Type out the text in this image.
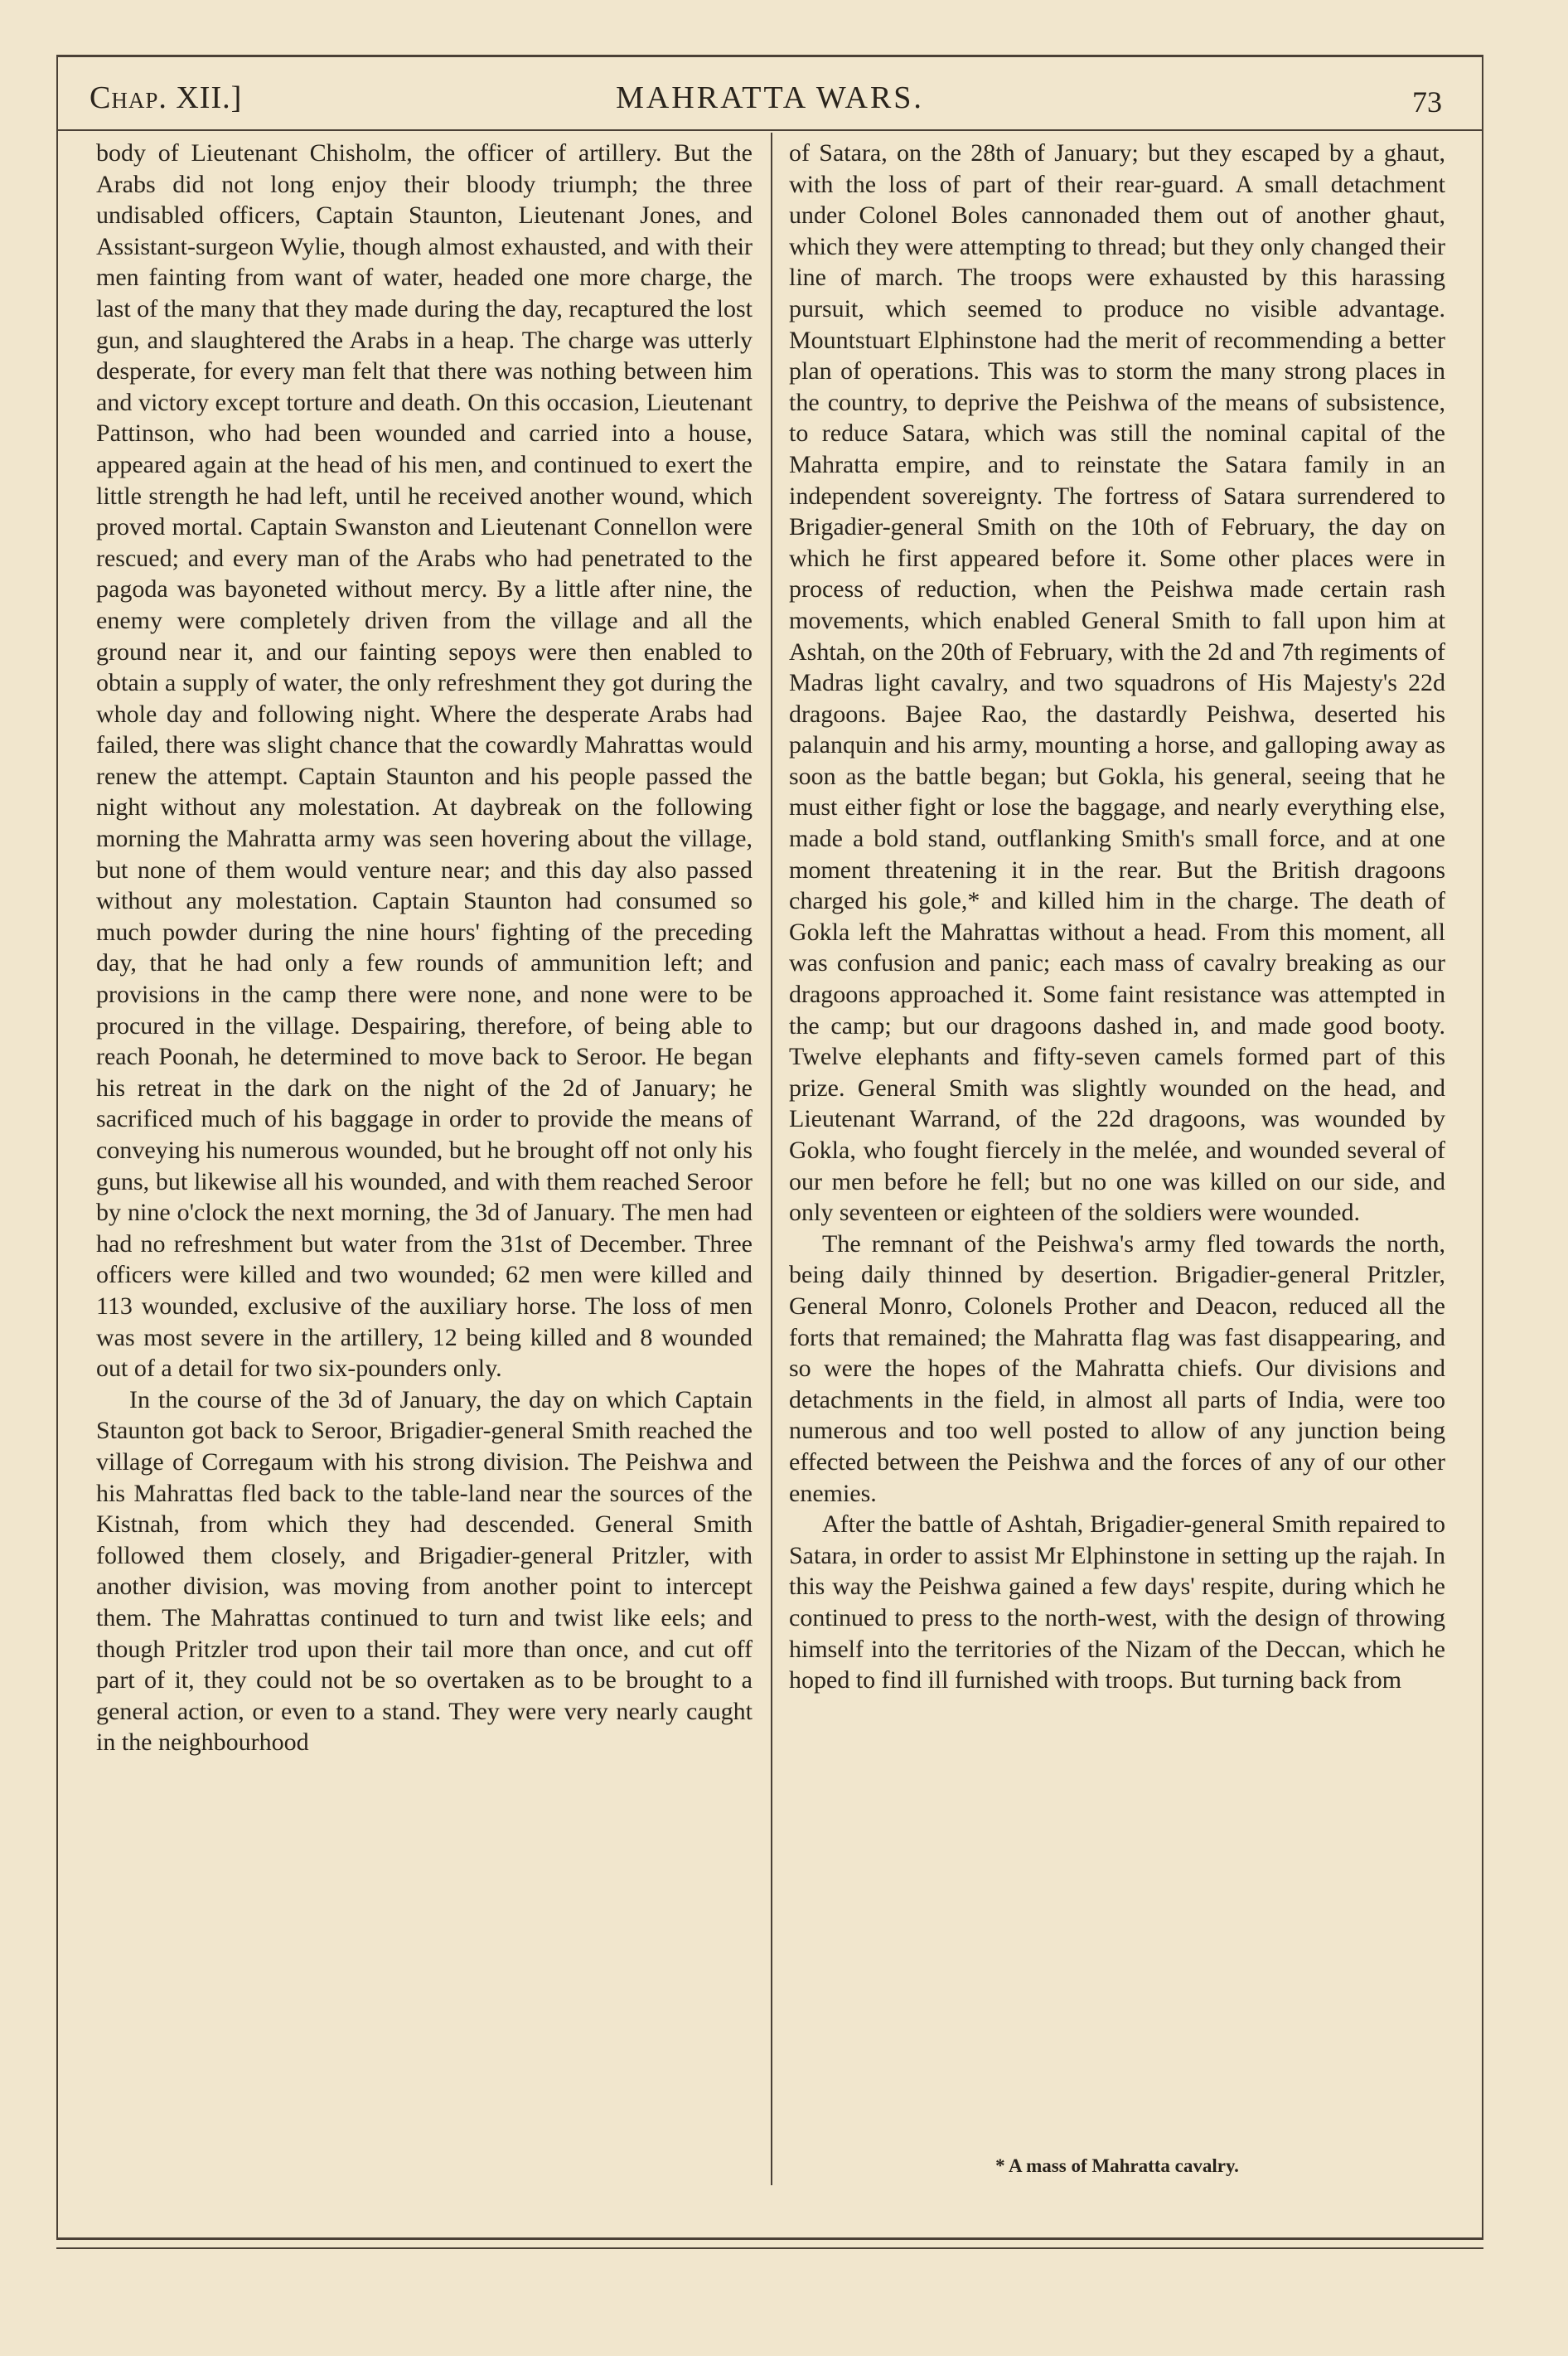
Chap. XII.]	MAHRATTA WARS.	73

body of Lieutenant Chisholm, the officer of artillery. But the Arabs did not long enjoy their bloody triumph; the three undisabled officers, Captain Staunton, Lieutenant Jones, and Assistant-surgeon Wylie, though almost exhausted, and with their men fainting from want of water, headed one more charge, the last of the many that they made during the day, recaptured the lost gun, and slaughtered the Arabs in a heap. The charge was utterly desperate, for every man felt that there was nothing between him and victory except torture and death. On this occasion, Lieutenant Pattinson, who had been wounded and carried into a house, appeared again at the head of his men, and continued to exert the little strength he had left, until he received another wound, which proved mortal. Captain Swanston and Lieutenant Connellon were rescued; and every man of the Arabs who had penetrated to the pagoda was bayoneted without mercy. By a little after nine, the enemy were completely driven from the village and all the ground near it, and our fainting sepoys were then enabled to obtain a supply of water, the only refreshment they got during the whole day and following night. Where the desperate Arabs had failed, there was slight chance that the cowardly Mahrattas would renew the attempt. Captain Staunton and his people passed the night without any molestation. At daybreak on the following morning the Mahratta army was seen hovering about the village, but none of them would venture near; and this day also passed without any molestation. Captain Staunton had consumed so much powder during the nine hours' fighting of the preceding day, that he had only a few rounds of ammunition left; and provisions in the camp there were none, and none were to be procured in the village. Despairing, therefore, of being able to reach Poonah, he determined to move back to Seroor. He began his retreat in the dark on the night of the 2d of January; he sacrificed much of his baggage in order to provide the means of conveying his numerous wounded, but he brought off not only his guns, but likewise all his wounded, and with them reached Seroor by nine o'clock the next morning, the 3d of January. The men had had no refreshment but water from the 31st of December. Three officers were killed and two wounded; 62 men were killed and 113 wounded, exclusive of the auxiliary horse. The loss of men was most severe in the artillery, 12 being killed and 8 wounded out of a detail for two six-pounders only.

In the course of the 3d of January, the day on which Captain Staunton got back to Seroor, Brigadier-general Smith reached the village of Corregaum with his strong division. The Peishwa and his Mahrattas fled back to the table-land near the sources of the Kistnah, from which they had descended. General Smith followed them closely, and Brigadier-general Pritzler, with another division, was moving from another point to intercept them. The Mahrattas continued to turn and twist like eels; and though Pritzler trod upon their tail more than once, and cut off part of it, they could not be so overtaken as to be brought to a general action, or even to a stand. They were very nearly caught in the neighbourhood

of Satara, on the 28th of January; but they escaped by a ghaut, with the loss of part of their rear-guard. A small detachment under Colonel Boles cannonaded them out of another ghaut, which they were attempting to thread; but they only changed their line of march. The troops were exhausted by this harassing pursuit, which seemed to produce no visible advantage. Mountstuart Elphinstone had the merit of recommending a better plan of operations. This was to storm the many strong places in the country, to deprive the Peishwa of the means of subsistence, to reduce Satara, which was still the nominal capital of the Mahratta empire, and to reinstate the Satara family in an independent sovereignty. The fortress of Satara surrendered to Brigadier-general Smith on the 10th of February, the day on which he first appeared before it. Some other places were in process of reduction, when the Peishwa made certain rash movements, which enabled General Smith to fall upon him at Ashtah, on the 20th of February, with the 2d and 7th regiments of Madras light cavalry, and two squadrons of His Majesty's 22d dragoons. Bajee Rao, the dastardly Peishwa, deserted his palanquin and his army, mounting a horse, and galloping away as soon as the battle began; but Gokla, his general, seeing that he must either fight or lose the baggage, and nearly everything else, made a bold stand, outflanking Smith's small force, and at one moment threatening it in the rear. But the British dragoons charged his gole,* and killed him in the charge. The death of Gokla left the Mahrattas without a head. From this moment, all was confusion and panic; each mass of cavalry breaking as our dragoons approached it. Some faint resistance was attempted in the camp; but our dragoons dashed in, and made good booty. Twelve elephants and fifty-seven camels formed part of this prize. General Smith was slightly wounded on the head, and Lieutenant Warrand, of the 22d dragoons, was wounded by Gokla, who fought fiercely in the melée, and wounded several of our men before he fell; but no one was killed on our side, and only seventeen or eighteen of the soldiers were wounded.

The remnant of the Peishwa's army fled towards the north, being daily thinned by desertion. Brigadier-general Pritzler, General Monro, Colonels Prother and Deacon, reduced all the forts that remained; the Mahratta flag was fast disappearing, and so were the hopes of the Mahratta chiefs. Our divisions and detachments in the field, in almost all parts of India, were too numerous and too well posted to allow of any junction being effected between the Peishwa and the forces of any of our other enemies.

After the battle of Ashtah, Brigadier-general Smith repaired to Satara, in order to assist Mr Elphinstone in setting up the rajah. In this way the Peishwa gained a few days' respite, during which he continued to press to the north-west, with the design of throwing himself into the territories of the Nizam of the Deccan, which he hoped to find ill furnished with troops. But turning back from

* A mass of Mahratta cavalry.
